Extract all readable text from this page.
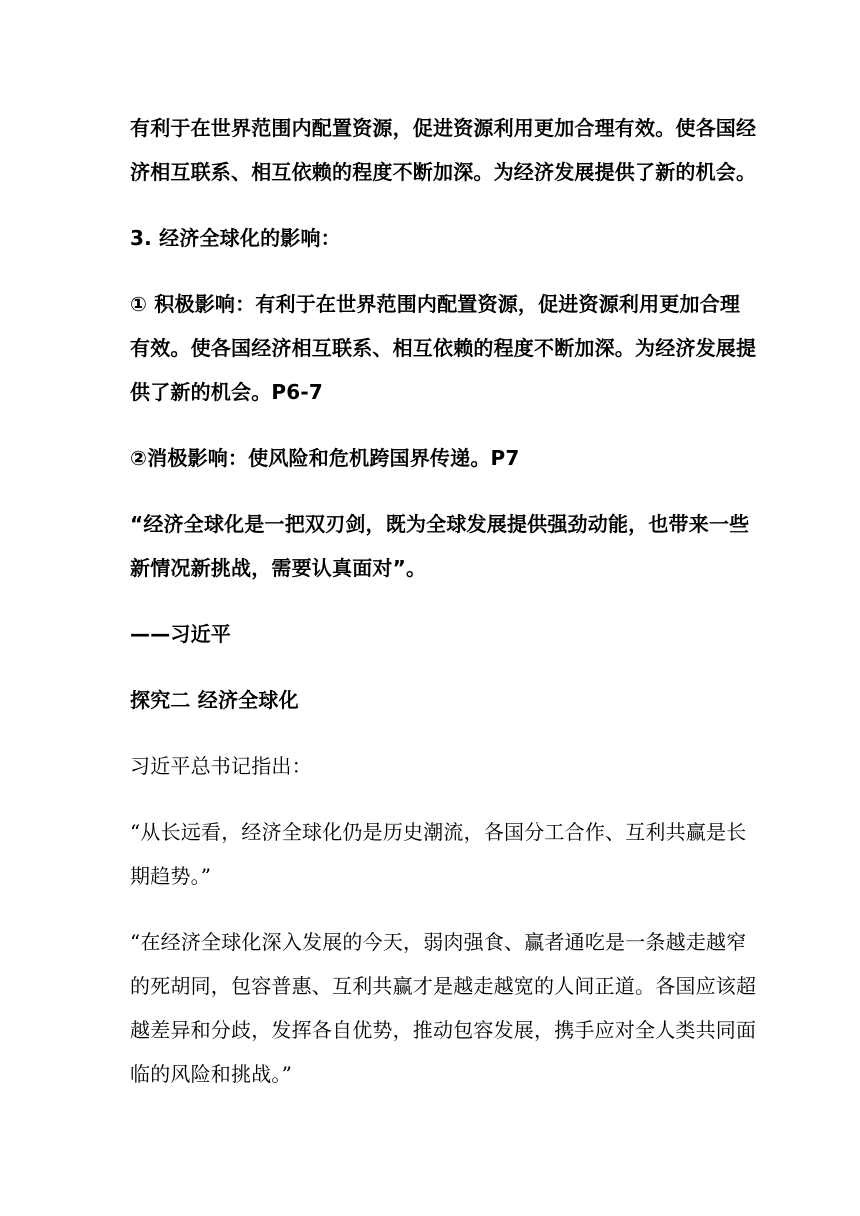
有利于在世界范围内配置资源，促进资源利用更加合理有效。使各国经
济相互联系、相互依赖的程度不断加深。为经济发展提供了新的机会。

3. 经济全球化的影响：

① 积极影响：有利于在世界范围内配置资源，促进资源利用更加合理
有效。使各国经济相互联系、相互依赖的程度不断加深。为经济发展提
供了新的机会。P6-7

②消极影响：使风险和危机跨国界传递。P7

“经济全球化是一把双刃剑，既为全球发展提供强劲动能，也带来一些
新情况新挑战，需要认真面对”。

——习近平

探究二 经济全球化

习近平总书记指出：

“从长远看，经济全球化仍是历史潮流，各国分工合作、互利共赢是长
期趋势。”

“在经济全球化深入发展的今天，弱肉强食、赢者通吃是一条越走越窄
的死胡同，包容普惠、互利共赢才是越走越宽的人间正道。各国应该超
越差异和分歧，发挥各自优势，推动包容发展，携手应对全人类共同面
临的风险和挑战。”
